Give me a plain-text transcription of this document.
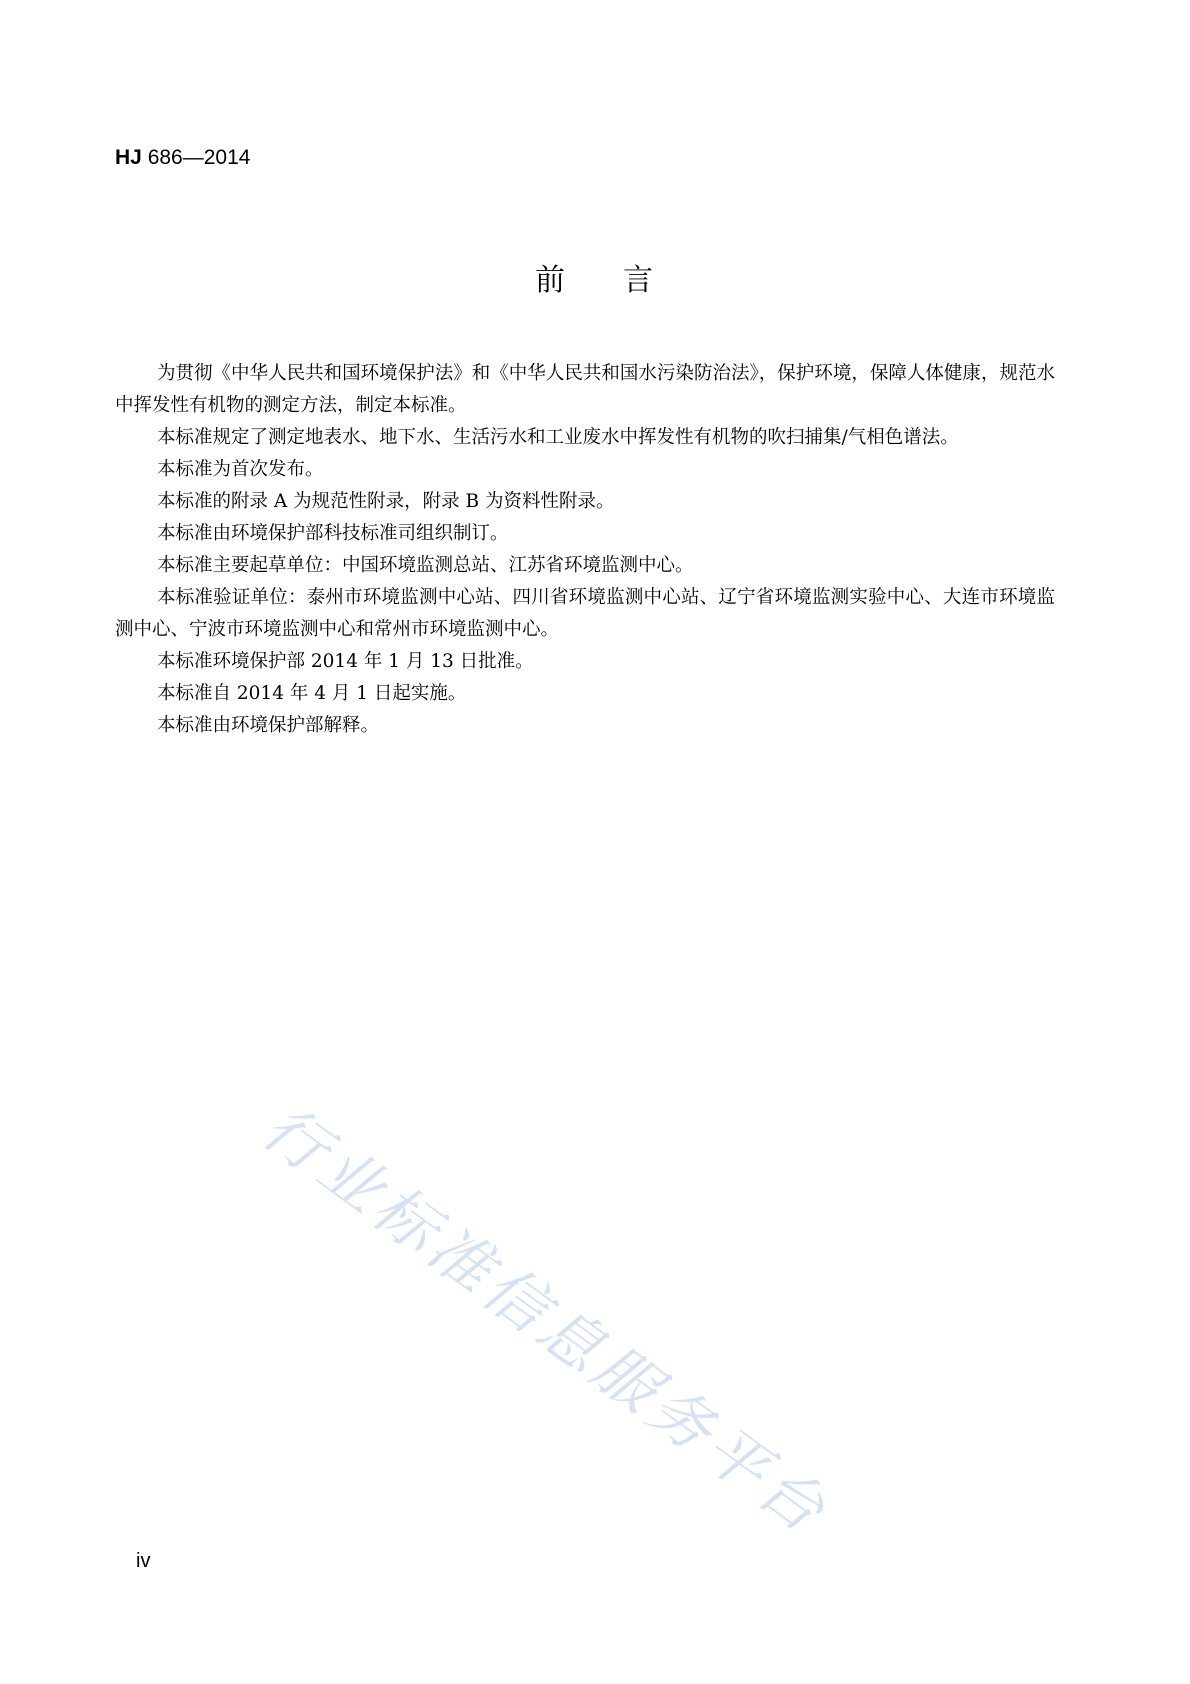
HJ 686—2014
前 言

为贯彻《中华人民共和国环境保护法》和《中华人民共和国水污染防治法》，保护环境，保障人体健康，规范水中挥发性有机物的测定方法，制定本标准。

本标准规定了测定地表水、地下水、生活污水和工业废水中挥发性有机物的吹扫捕集/气相色谱法。

本标准为首次发布。

本标准的附录 A 为规范性附录，附录 B 为资料性附录。

本标准由环境保护部科技标准司组织制订。

本标准主要起草单位：中国环境监测总站、江苏省环境监测中心。

本标准验证单位：泰州市环境监测中心站、四川省环境监测中心站、辽宁省环境监测实验中心、大连市环境监测中心、宁波市环境监测中心和常州市环境监测中心。

本标准环境保护部 2014 年 1 月 13 日批准。

本标准自 2014 年 4 月 1 日起实施。

本标准由环境保护部解释。

行业标准信息服务平台
iv
